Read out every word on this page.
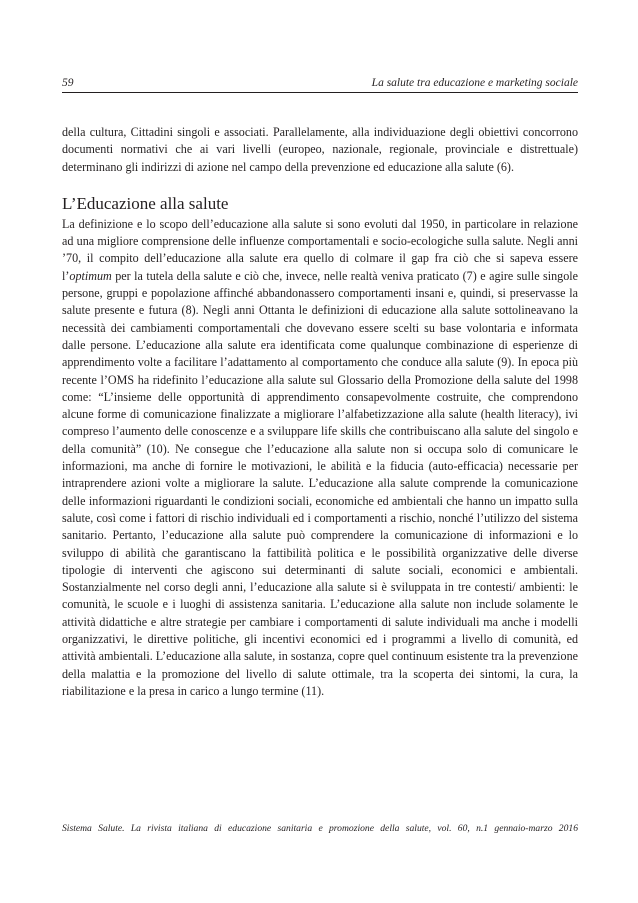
59	La salute tra educazione e marketing sociale

della cultura, Cittadini singoli e associati. Parallelamente, alla individuazione degli obiettivi concorrono documenti normativi che ai vari livelli (europeo, nazionale, regionale, provinciale e distrettuale) determinano gli indirizzi di azione nel campo della prevenzione ed educazione alla salute (6).

L’Educazione alla salute

La definizione e lo scopo dell’educazione alla salute si sono evoluti dal 1950, in particolare in relazione ad una migliore comprensione delle influenze comportamentali e socio-ecologiche sulla salute. Negli anni ’70, il compito dell’educazione alla salute era quello di colmare il gap fra ciò che si sapeva essere l’optimum per la tutela della salute e ciò che, invece, nelle realtà veniva praticato (7) e agire sulle singole persone, gruppi e popolazione affinché abbandonassero comportamenti insani e, quindi, si preservasse la salute presente e futura (8). Negli anni Ottanta le definizioni di educazione alla salute sottolineavano la necessità dei cambiamenti comportamentali che dovevano essere scelti su base volontaria e informata dalle persone. L’educazione alla salute era identificata come qualunque combinazione di esperienze di apprendimento volte a facilitare l’adattamento al comportamento che conduce alla salute (9). In epoca più recente l’OMS ha ridefinito l’educazione alla salute sul Glossario della Promozione della salute del 1998 come: “L’insieme delle opportunità di apprendimento consapevolmente costruite, che comprendono alcune forme di comunicazione finalizzate a migliorare l’alfabetizzazione alla salute (health literacy), ivi compreso l’aumento delle conoscenze e a sviluppare life skills che contribuiscano alla salute del singolo e della comunità” (10). Ne consegue che l’educazione alla salute non si occupa solo di comunicare le informazioni, ma anche di fornire le motivazioni, le abilità e la fiducia (auto-efficacia) necessarie per intraprendere azioni volte a migliorare la salute. L’educazione alla salute comprende la comunicazione delle informazioni riguardanti le condizioni sociali, economiche ed ambientali che hanno un impatto sulla salute, così come i fattori di rischio individuali ed i comportamenti a rischio, nonché l’utilizzo del sistema sanitario. Pertanto, l’educazione alla salute può comprendere la comunicazione di informazioni e lo sviluppo di abilità che garantiscano la fattibilità politica e le possibilità organizzative delle diverse tipologie di interventi che agiscono sui determinanti di salute sociali, economici e ambientali. Sostanzialmente nel corso degli anni, l’educazione alla salute si è sviluppata in tre contesti/ ambienti: le comunità, le scuole e i luoghi di assistenza sanitaria. L’educazione alla salute non include solamente le attività didattiche e altre strategie per cambiare i comportamenti di salute individuali ma anche i modelli organizzativi, le direttive politiche, gli incentivi economici ed i programmi a livello di comunità, ed attività ambientali. L’educazione alla salute, in sostanza, copre quel continuum esistente tra la prevenzione della malattia e la promozione del livello di salute ottimale, tra la scoperta dei sintomi, la cura, la riabilitazione e la presa in carico a lungo termine (11).

Sistema Salute. La rivista italiana di educazione sanitaria e promozione della salute, vol. 60, n.1 gennaio-marzo 2016
